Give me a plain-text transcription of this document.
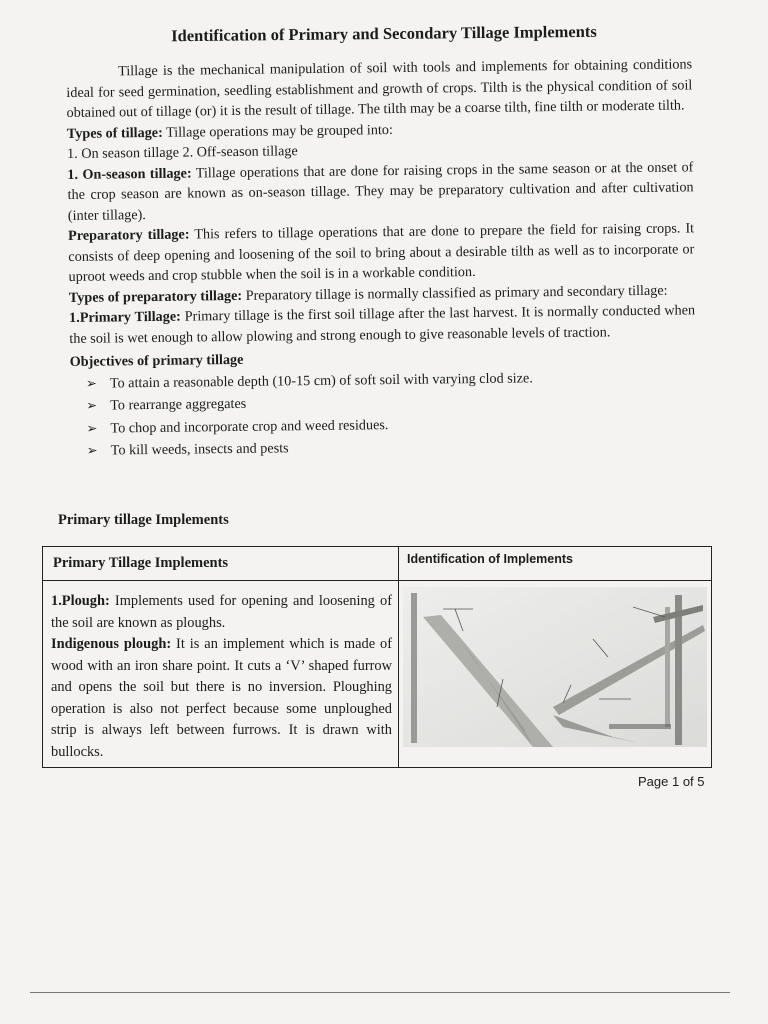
Identification of Primary and Secondary Tillage Implements

Tillage is the mechanical manipulation of soil with tools and implements for obtaining conditions ideal for seed germination, seedling establishment and growth of crops. Tilth is the physical condition of soil obtained out of tillage (or) it is the result of tillage. The tilth may be a coarse tilth, fine tilth or moderate tilth.

Types of tillage: Tillage operations may be grouped into:

1. On season tillage 2. Off-season tillage

1. On-season tillage: Tillage operations that are done for raising crops in the same season or at the onset of the crop season are known as on-season tillage. They may be preparatory cultivation and after cultivation (inter tillage).

Preparatory tillage: This refers to tillage operations that are done to prepare the field for raising crops. It consists of deep opening and loosening of the soil to bring about a desirable tilth as well as to incorporate or uproot weeds and crop stubble when the soil is in a workable condition.

Types of preparatory tillage: Preparatory tillage is normally classified as primary and secondary tillage:

1.Primary Tillage: Primary tillage is the first soil tillage after the last harvest. It is normally conducted when the soil is wet enough to allow plowing and strong enough to give reasonable levels of traction.

Objectives of primary tillage
➢ To attain a reasonable depth (10-15 cm) of soft soil with varying clod size.
➢ To rearrange aggregates
➢ To chop and incorporate crop and weed residues.
➢ To kill weeds, insects and pests
Primary tillage Implements
Primary Tillage Implements	Identification of Implements
1.Plough: Implements used for opening and loosening of the soil are known as ploughs.
Indigenous plough: It is an implement which is made of wood with an iron share point. It cuts a ‘V’ shaped furrow and opens the soil but there is no inversion. Ploughing operation is also not perfect because some unploughed strip is always left between furrows. It is drawn with bullocks.	
Page 1 of 5
